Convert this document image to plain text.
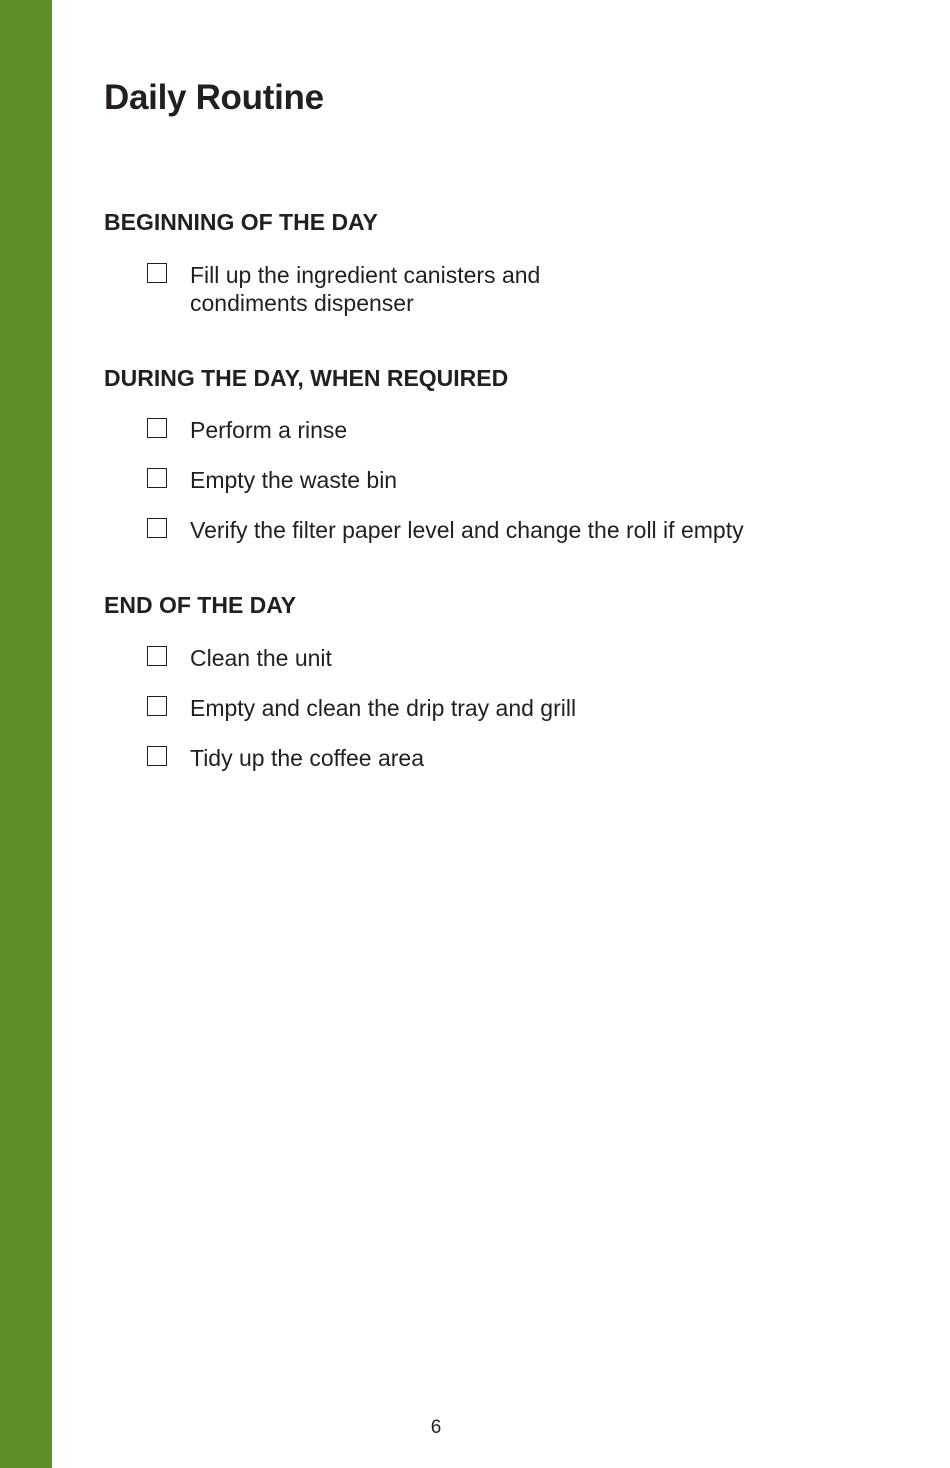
Daily Routine
BEGINNING OF THE DAY
Fill up the ingredient canisters and
condiments dispenser
DURING THE DAY, WHEN REQUIRED
Perform a rinse
Empty the waste bin
Verify the filter paper level and change the roll if empty
END OF THE DAY
Clean the unit
Empty and clean the drip tray and grill
Tidy up the coffee area
6
